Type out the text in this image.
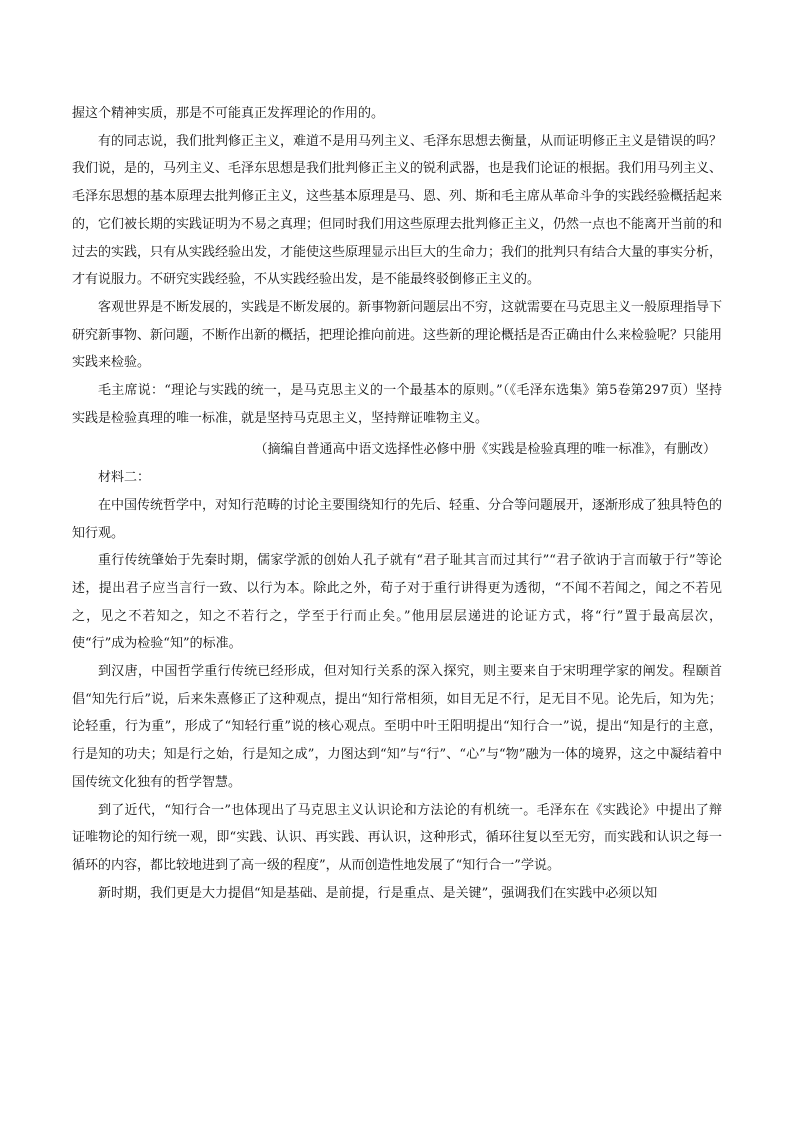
握这个精神实质，那是不可能真正发挥理论的作用的。

有的同志说，我们批判修正主义，难道不是用马列主义、毛泽东思想去衡量，从而证明修正主义是错误的吗？我们说，是的，马列主义、毛泽东思想是我们批判修正主义的锐利武器，也是我们论证的根据。我们用马列主义、毛泽东思想的基本原理去批判修正主义，这些基本原理是马、恩、列、斯和毛主席从革命斗争的实践经验概括起来的，它们被长期的实践证明为不易之真理；但同时我们用这些原理去批判修正主义，仍然一点也不能离开当前的和过去的实践，只有从实践经验出发，才能使这些原理显示出巨大的生命力；我们的批判只有结合大量的事实分析，才有说服力。不研究实践经验，不从实践经验出发，是不能最终驳倒修正主义的。

客观世界是不断发展的，实践是不断发展的。新事物新问题层出不穷，这就需要在马克思主义一般原理指导下研究新事物、新问题，不断作出新的概括，把理论推向前进。这些新的理论概括是否正确由什么来检验呢？只能用实践来检验。

毛主席说：“理论与实践的统一，是马克思主义的一个最基本的原则。”（《毛泽东选集》第5卷第297页）坚持实践是检验真理的唯一标准，就是坚持马克思主义，坚持辩证唯物主义。

（摘编自普通高中语文选择性必修中册《实践是检验真理的唯一标准》，有删改）

材料二：

在中国传统哲学中，对知行范畴的讨论主要围绕知行的先后、轻重、分合等问题展开，逐渐形成了独具特色的知行观。

重行传统肇始于先秦时期，儒家学派的创始人孔子就有“君子耻其言而过其行”“君子欲讷于言而敏于行”等论述，提出君子应当言行一致、以行为本。除此之外，荀子对于重行讲得更为透彻，“不闻不若闻之，闻之不若见之，见之不若知之，知之不若行之，学至于行而止矣。”他用层层递进的论证方式，将“行”置于最高层次，使“行”成为检验“知”的标准。

到汉唐，中国哲学重行传统已经形成，但对知行关系的深入探究，则主要来自于宋明理学家的阐发。程颐首倡“知先行后”说，后来朱熹修正了这种观点，提出“知行常相须，如目无足不行，足无目不见。论先后，知为先；论轻重，行为重”，形成了“知轻行重”说的核心观点。至明中叶王阳明提出“知行合一”说，提出“知是行的主意，行是知的功夫；知是行之始，行是知之成”，力图达到“知”与“行”、“心”与“物”融为一体的境界，这之中凝结着中国传统文化独有的哲学智慧。

到了近代，“知行合一”也体现出了马克思主义认识论和方法论的有机统一。毛泽东在《实践论》中提出了辩证唯物论的知行统一观，即“实践、认识、再实践、再认识，这种形式，循环往复以至无穷，而实践和认识之每一循环的内容，都比较地进到了高一级的程度”，从而创造性地发展了“知行合一”学说。

新时期，我们更是大力提倡“知是基础、是前提，行是重点、是关键”，强调我们在实践中必须以知
